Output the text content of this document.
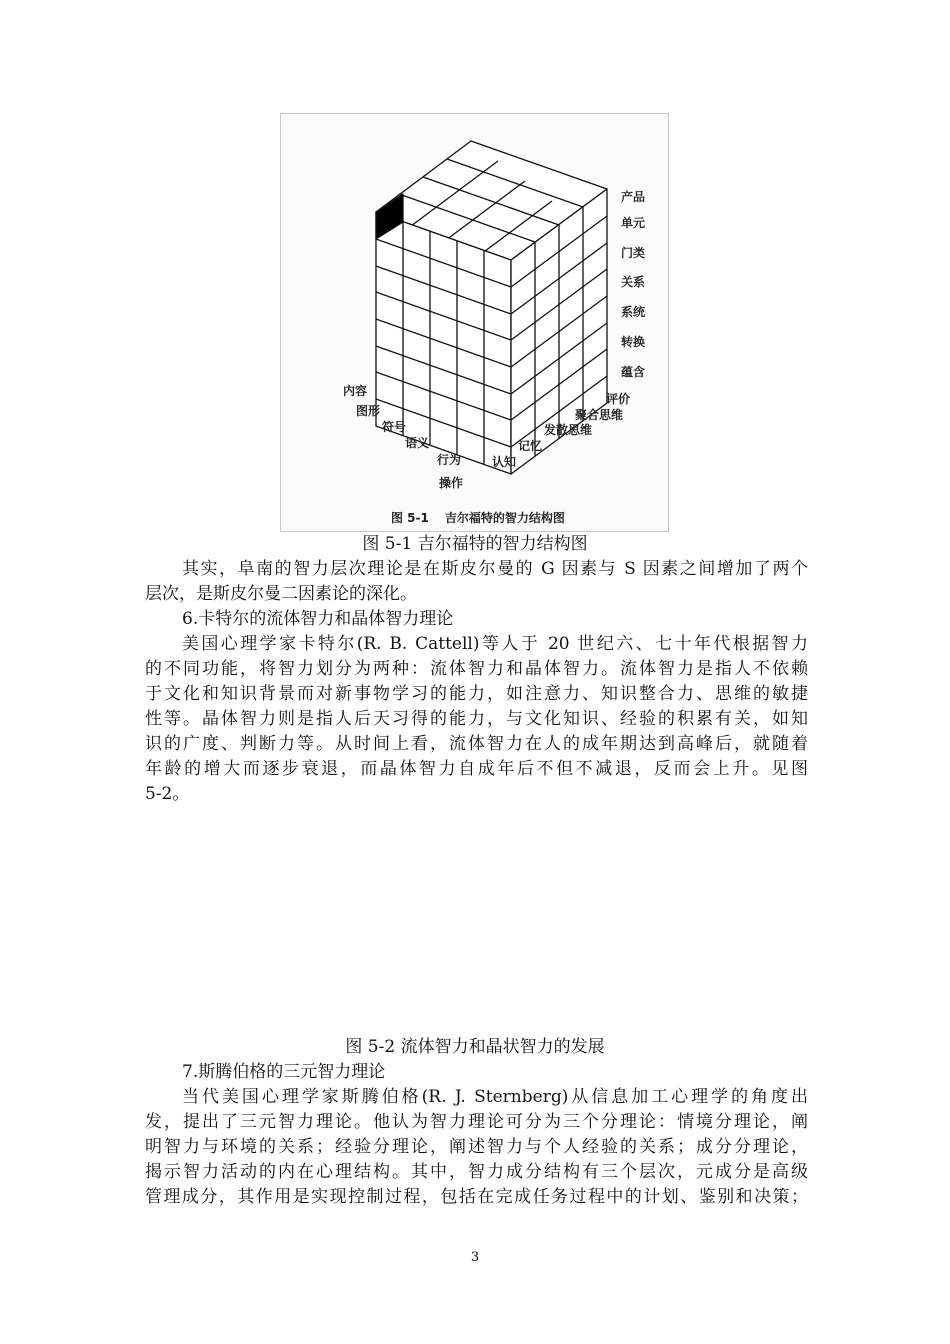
产品
单元
门类
关系
系统
转换
蕴含
内容
图形
符号
语义
行为
操作
认知
记忆
发散思维
聚合思维
评价
图 5-1 吉尔福特的智力结构图
图 5-1 吉尔福特的智力结构图
其实，阜南的智力层次理论是在斯皮尔曼的 G 因素与 S 因素之间增加了两个
层次，是斯皮尔曼二因素论的深化。
6.卡特尔的流体智力和晶体智力理论
美国心理学家卡特尔(R. B. Cattell)等人于 20 世纪六、七十年代根据智力
的不同功能，将智力划分为两种：流体智力和晶体智力。流体智力是指人不依赖
于文化和知识背景而对新事物学习的能力，如注意力、知识整合力、思维的敏捷
性等。晶体智力则是指人后天习得的能力，与文化知识、经验的积累有关，如知
识的广度、判断力等。从时间上看，流体智力在人的成年期达到高峰后，就随着
年龄的增大而逐步衰退，而晶体智力自成年后不但不减退，反而会上升。见图
5-2。
图 5-2 流体智力和晶状智力的发展
7.斯腾伯格的三元智力理论
当代美国心理学家斯腾伯格(R. J. Sternberg)从信息加工心理学的角度出
发，提出了三元智力理论。他认为智力理论可分为三个分理论：情境分理论，阐
明智力与环境的关系；经验分理论，阐述智力与个人经验的关系；成分分理论，
揭示智力活动的内在心理结构。其中，智力成分结构有三个层次，元成分是高级
管理成分，其作用是实现控制过程，包括在完成任务过程中的计划、鉴别和决策；
3
